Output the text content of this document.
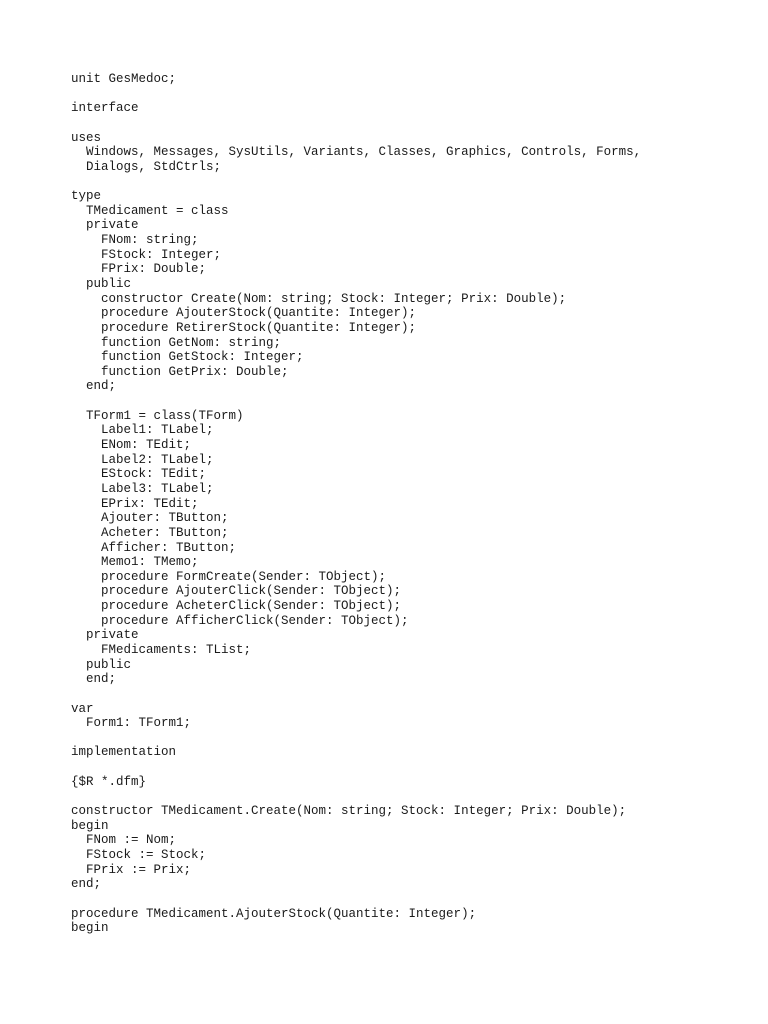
unit GesMedoc;

interface

uses
Windows, Messages, SysUtils, Variants, Classes, Graphics, Controls, Forms,
Dialogs, StdCtrls;

type
TMedicament = class
private
FNom: string;
FStock: Integer;
FPrix: Double;
public
constructor Create(Nom: string; Stock: Integer; Prix: Double);
procedure AjouterStock(Quantite: Integer);
procedure RetirerStock(Quantite: Integer);
function GetNom: string;
function GetStock: Integer;
function GetPrix: Double;
end;

TForm1 = class(TForm)
Label1: TLabel;
ENom: TEdit;
Label2: TLabel;
EStock: TEdit;
Label3: TLabel;
EPrix: TEdit;
Ajouter: TButton;
Acheter: TButton;
Afficher: TButton;
Memo1: TMemo;
procedure FormCreate(Sender: TObject);
procedure AjouterClick(Sender: TObject);
procedure AcheterClick(Sender: TObject);
procedure AfficherClick(Sender: TObject);
private
FMedicaments: TList;
public
end;

var
Form1: TForm1;

implementation

{$R *.dfm}

constructor TMedicament.Create(Nom: string; Stock: Integer; Prix: Double);
begin
FNom := Nom;
FStock := Stock;
FPrix := Prix;
end;

procedure TMedicament.AjouterStock(Quantite: Integer);
begin
